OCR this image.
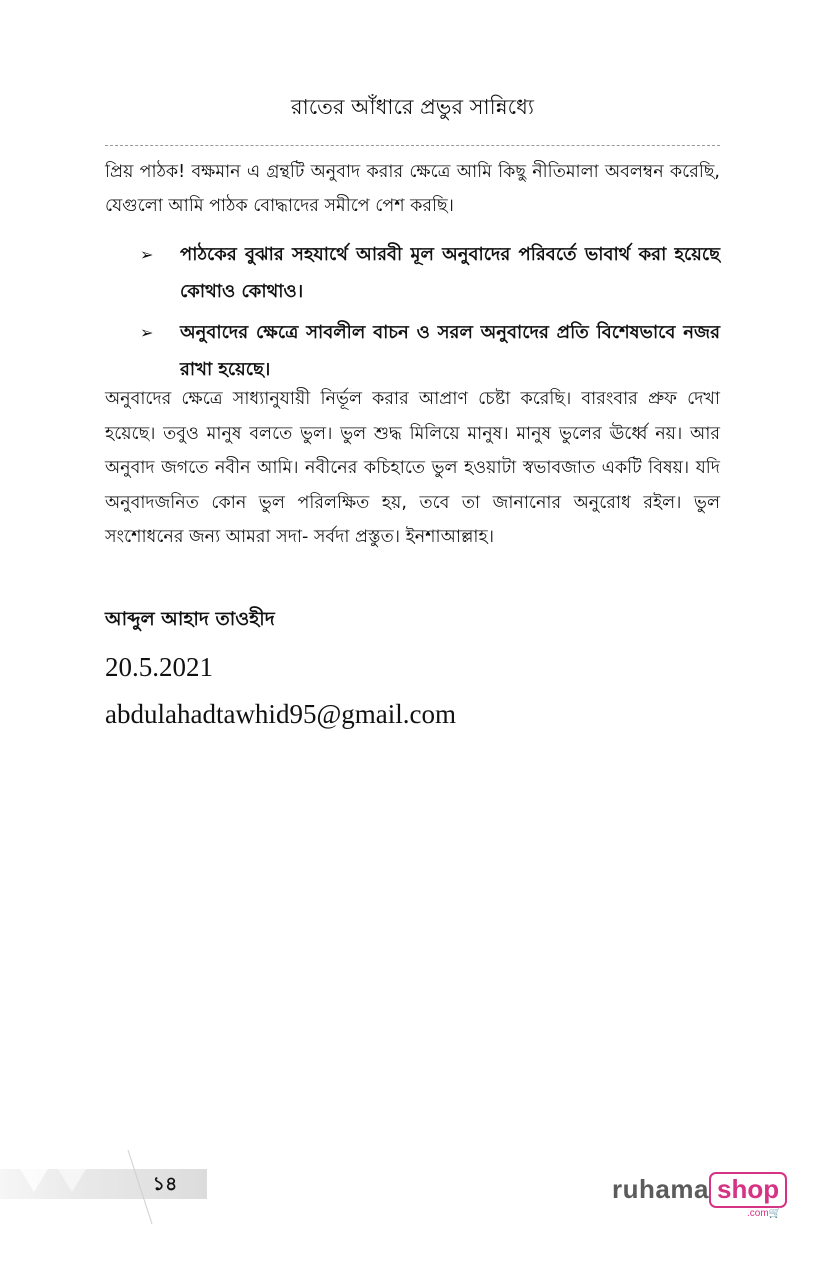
রাতের আঁধারে প্রভুর সান্নিধ্যে

প্রিয় পাঠক! বক্ষমান এ গ্রন্থটি অনুবাদ করার ক্ষেত্রে আমি কিছু নীতিমালা অবলম্বন করেছি, যেগুলো আমি পাঠক বোদ্ধাদের সমীপে পেশ করছি।

➢ পাঠকের বুঝার সহযার্থে আরবী মূল অনুবাদের পরিবর্তে ভাবার্থ করা হয়েছে কোথাও কোথাও।
➢ অনুবাদের ক্ষেত্রে সাবলীল বাচন ও সরল অনুবাদের প্রতি বিশেষভাবে নজর রাখা হয়েছে।

অনুবাদের ক্ষেত্রে সাধ্যানুযায়ী নির্ভূল করার আপ্রাণ চেষ্টা করেছি। বারংবার প্রুফ দেখা হয়েছে। তবুও মানুষ বলতে ভুল। ভুল শুদ্ধ মিলিয়ে মানুষ। মানুষ ভুলের ঊর্ধ্বে নয়। আর অনুবাদ জগতে নবীন আমি। নবীনের কচিহাতে ভুল হওয়াটা স্বভাবজাত একটি বিষয়। যদি অনুবাদজনিত কোন ভুল পরিলক্ষিত হয়, তবে তা জানানোর অনুরোধ রইল। ভুল সংশোধনের জন্য আমরা সদা- সর্বদা প্রস্তুত। ইনশাআল্লাহ।

আব্দুল আহাদ তাওহীদ
20.5.2021
abdulahadtawhid95@gmail.com
১৪	ruhama shop
.com🛒
